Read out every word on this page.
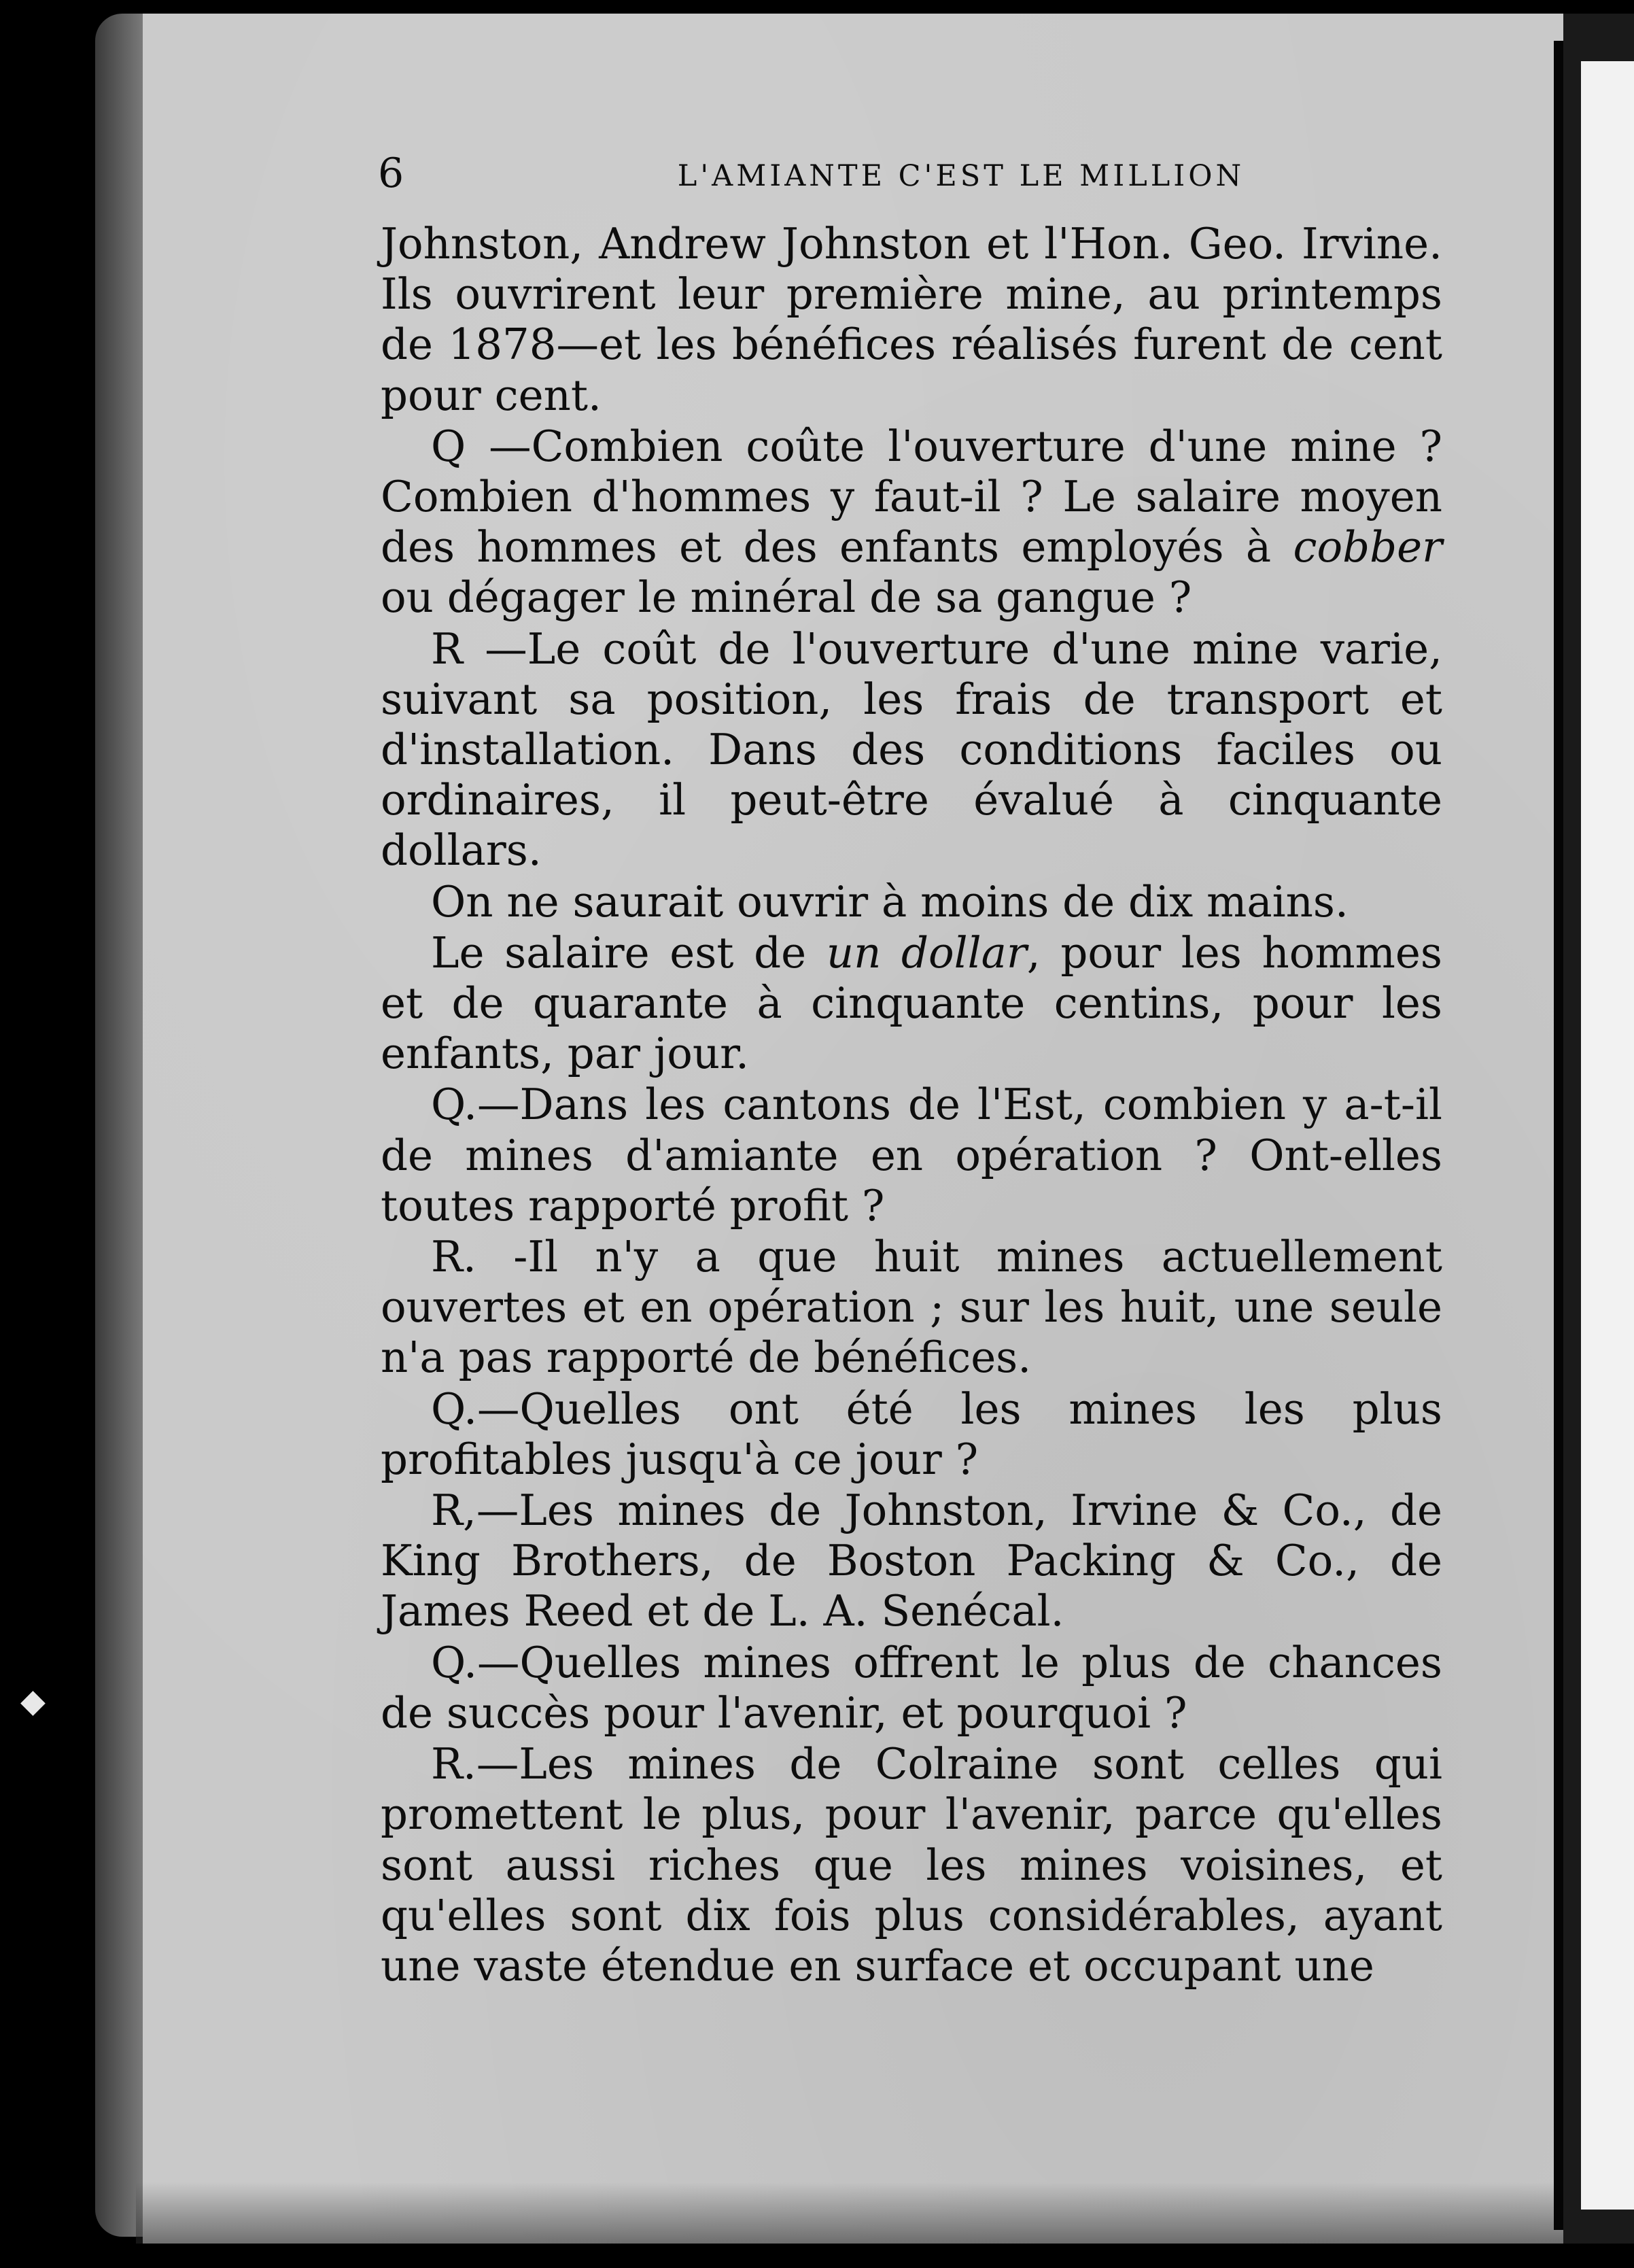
◆
6	L'AMIANTE C'EST LE MILLION

Johnston, Andrew Johnston et l'Hon. Geo. Irvine. Ils ouvrirent leur première mine, au printemps de 1878—et les bénéfices réalisés furent de cent pour cent.

Q —Combien coûte l'ouverture d'une mine ? Combien d'hommes y faut-il ? Le salaire moyen des hommes et des enfants employés à cobber ou dégager le minéral de sa gangue ?

R —Le coût de l'ouverture d'une mine varie, suivant sa position, les frais de transport et d'installation. Dans des conditions faciles ou ordinaires, il peut-être évalué à cinquante dollars.

On ne saurait ouvrir à moins de dix mains.

Le salaire est de un dollar, pour les hommes et de quarante à cinquante centins, pour les enfants, par jour.

Q.—Dans les cantons de l'Est, combien y a-t-il de mines d'amiante en opération ? Ont-elles toutes rapporté profit ?

R. -Il n'y a que huit mines actuellement ouvertes et en opération ; sur les huit, une seule n'a pas rapporté de bénéfices.

Q.—Quelles ont été les mines les plus profitables jusqu'à ce jour ?

R,—Les mines de Johnston, Irvine & Co., de King Brothers, de Boston Packing & Co., de James Reed et de L. A. Senécal.

Q.—Quelles mines offrent le plus de chances de succès pour l'avenir, et pourquoi ?

R.—Les mines de Colraine sont celles qui promettent le plus, pour l'avenir, parce qu'elles sont aussi riches que les mines voisines, et qu'elles sont dix fois plus considérables, ayant une vaste étendue en surface et occupant une
